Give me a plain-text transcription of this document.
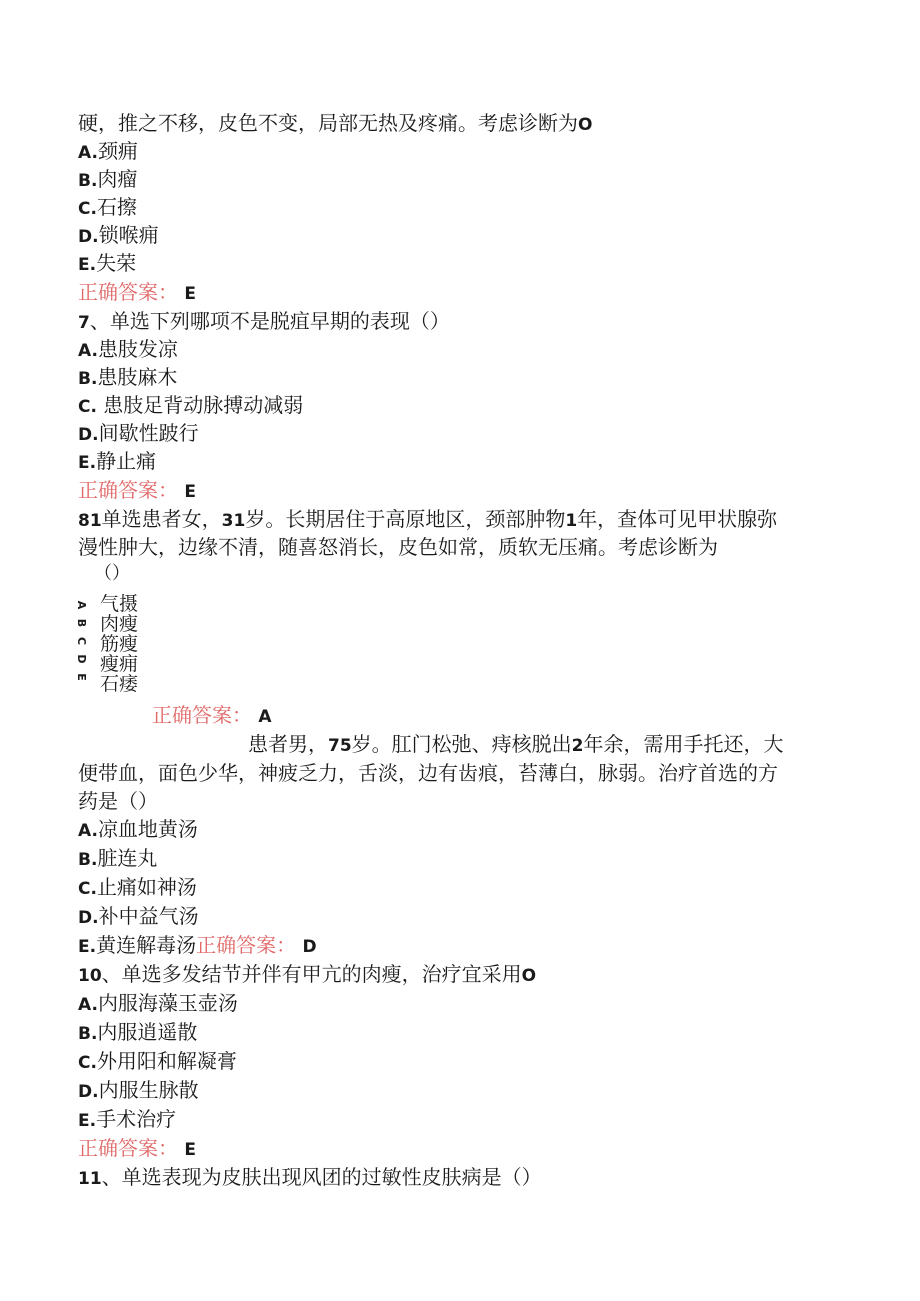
硬，推之不移，皮色不变，局部无热及疼痛。考虑诊断为O
A.颈痈
B.肉瘤
C.石擦
D.锁喉痈
E.失荣
正确答案： E
7、单选下列哪项不是脱疽早期的表现（）
A.患肢发凉
B.患肢麻木
C. 患肢足背动脉搏动减弱
D.间歇性跛行
E.静止痛
正确答案： E
81单选患者女，31岁。长期居住于高原地区，颈部肿物1年，查体可见甲状腺弥
漫性肿大，边缘不清，随喜怒消长，皮色如常，质软无压痛。考虑诊断为
（）
A
B
C
D
E
气摄
肉瘦
筋瘦
瘦痈
石痿
正确答案： A
患者男，75岁。肛门松弛、痔核脱出2年余，需用手托还，大
便带血，面色少华，神疲乏力，舌淡，边有齿痕，苔薄白，脉弱。治疗首选的方
药是（）
A.凉血地黄汤
B.脏连丸
C.止痛如神汤
D.补中益气汤
E.黄连解毒汤正确答案： D
10、单选多发结节并伴有甲亢的肉瘦，治疗宜采用O
A.内服海藻玉壶汤
B.内服逍遥散
C.外用阳和解凝膏
D.内服生脉散
E.手术治疗
正确答案： E
11、单选表现为皮肤出现风团的过敏性皮肤病是（）
